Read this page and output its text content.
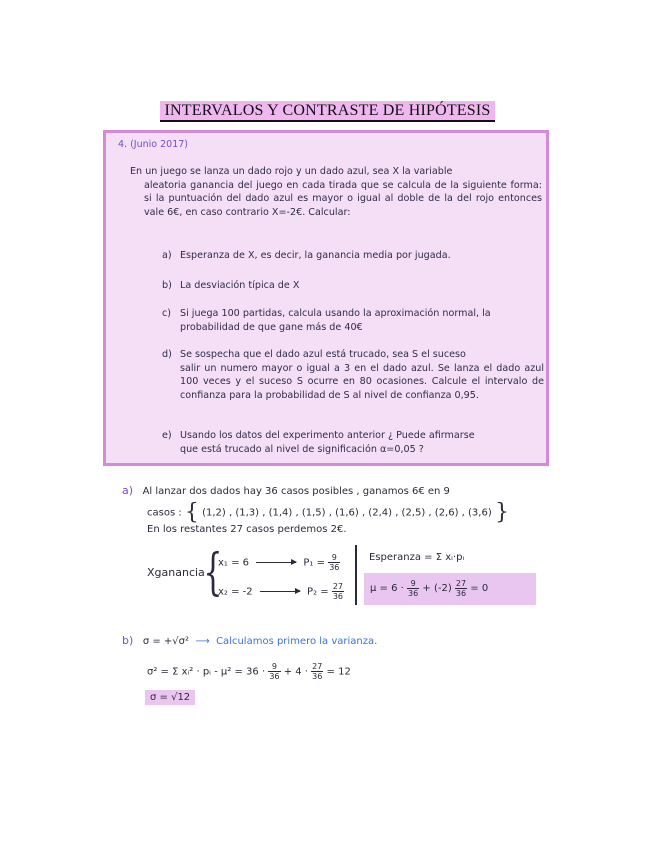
INTERVALOS Y CONTRASTE DE HIPÓTESIS
4. (Junio 2017)
En un juego se lanza un dado rojo y un dado azul, sea X la variable
aleatoria ganancia del juego en cada tirada que se calcula de la siguiente forma: si la puntuación del dado azul es mayor o igual al doble de la del rojo entonces vale 6€, en caso contrario X=-2€. Calcular:
a) Esperanza de X, es decir, la ganancia media por jugada.
b) La desviación típica de X
c) Si juega 100 partidas, calcula usando la aproximación normal, la
probabilidad de que gane más de 40€
d) Se sospecha que el dado azul está trucado, sea S el suceso
salir un numero mayor o igual a 3 en el dado azul. Se lanza el dado azul 100 veces y el suceso S ocurre en 80 ocasiones. Calcule el intervalo de confianza para la probabilidad de S al nivel de confianza 0,95.
e) Usando los datos del experimento anterior ¿ Puede afirmarse
que está trucado al nivel de significación α=0,05 ?
a) Al lanzar dos dados hay 36 casos posibles , ganamos 6€ en 9
casos : { (1,2) , (1,3) , (1,4) , (1,5) , (1,6) , (2,4) , (2,5) , (2,6) , (3,6) }
En los restantes 27 casos perdemos 2€.
Xganancia
{
x₁ = 6	$P_1 = \frac{9}{36}$
x₂ = -2	$P_2 = \frac{27}{36}$
Esperanza = Σ xᵢ·pᵢ
$\mu = 6 \cdot \frac{9}{36} + (-2) \frac{27}{36} = 0$
b) σ = +√σ²  ⟶  Calculamos primero la varianza.
σ² = Σ xᵢ² · pᵢ - $\mu^2 = 36 \cdot \frac{9}{36} + 4 \cdot \frac{27}{36} = 12$
σ = √12
